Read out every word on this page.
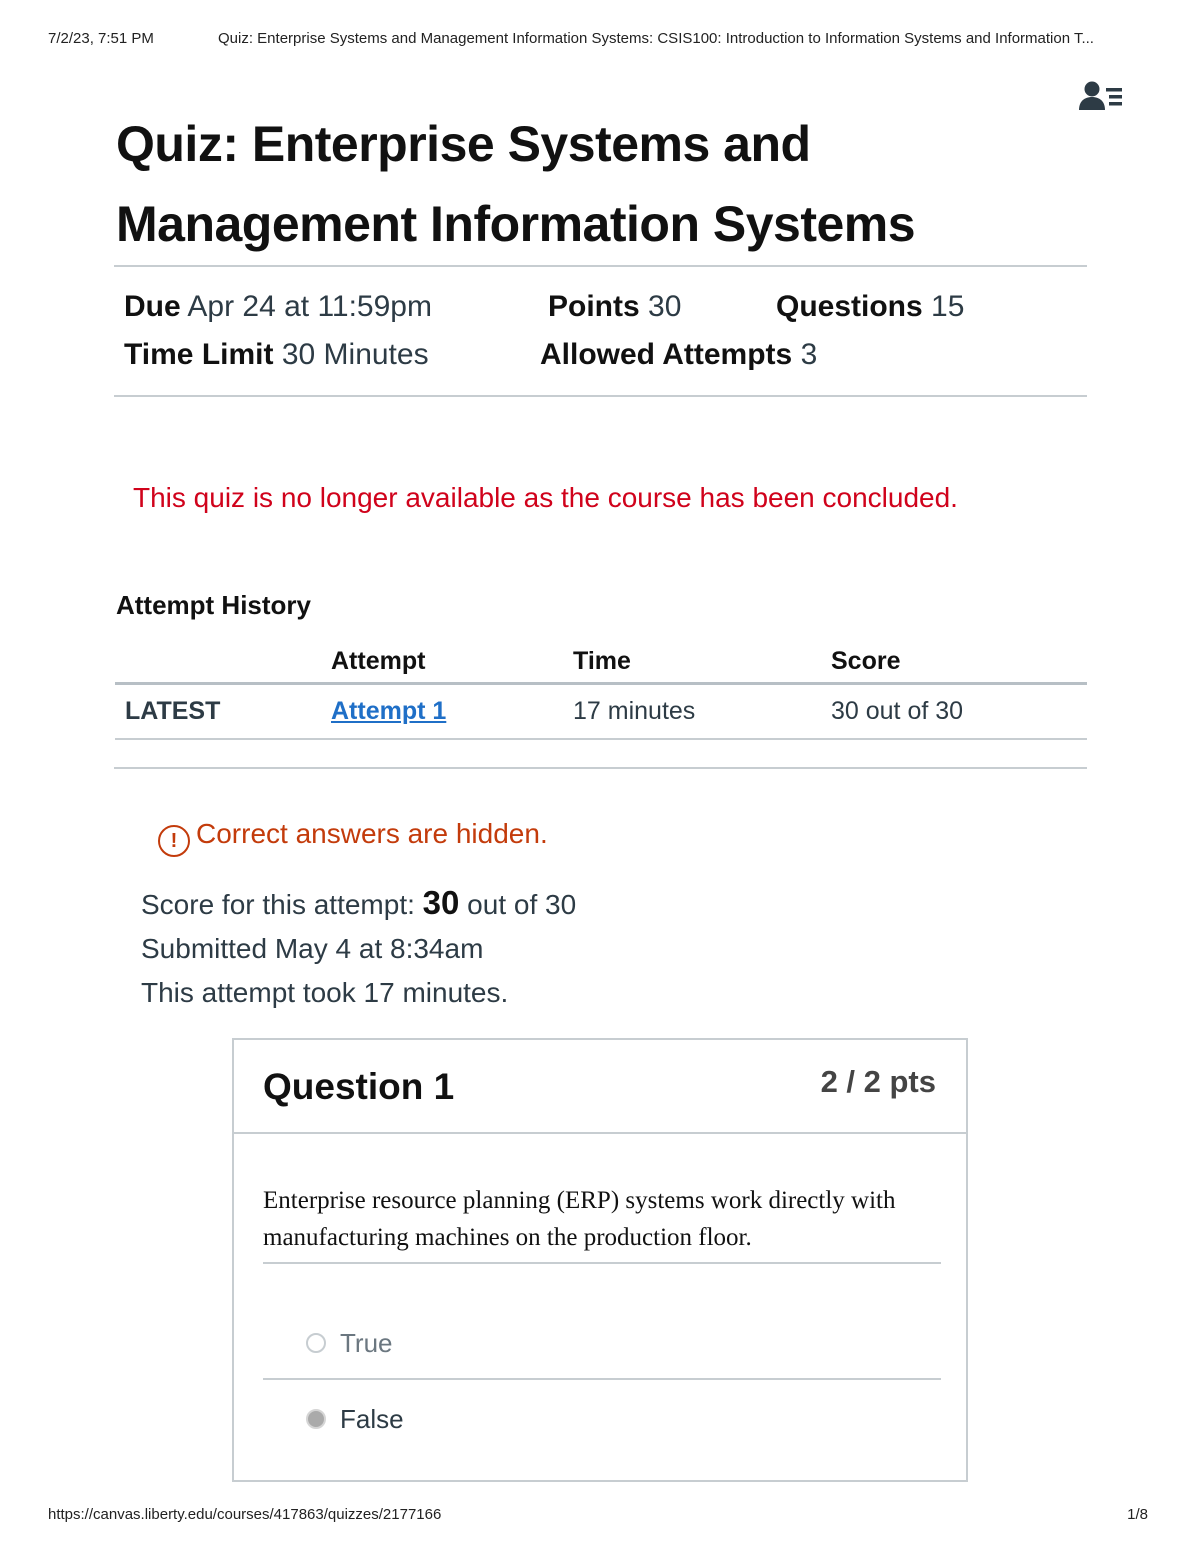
7/2/23, 7:51 PM	Quiz: Enterprise Systems and Management Information Systems: CSIS100: Introduction to Information Systems and Information T...
Quiz: Enterprise Systems and
Management Information Systems
Due Apr 24 at 11:59pm	Points 30	Questions 15
Time Limit 30 Minutes	Allowed Attempts 3
This quiz is no longer available as the course has been concluded.
Attempt History
	Attempt	Time	Score
LATEST	Attempt 1	17 minutes	30 out of 30
! Correct answers are hidden.
Score for this attempt: 30 out of 30
Submitted May 4 at 8:34am
This attempt took 17 minutes.
Question 1	2 / 2 pts
Enterprise resource planning (ERP) systems work directly with
manufacturing machines on the production floor.
True
False
https://canvas.liberty.edu/courses/417863/quizzes/2177166	1/8
